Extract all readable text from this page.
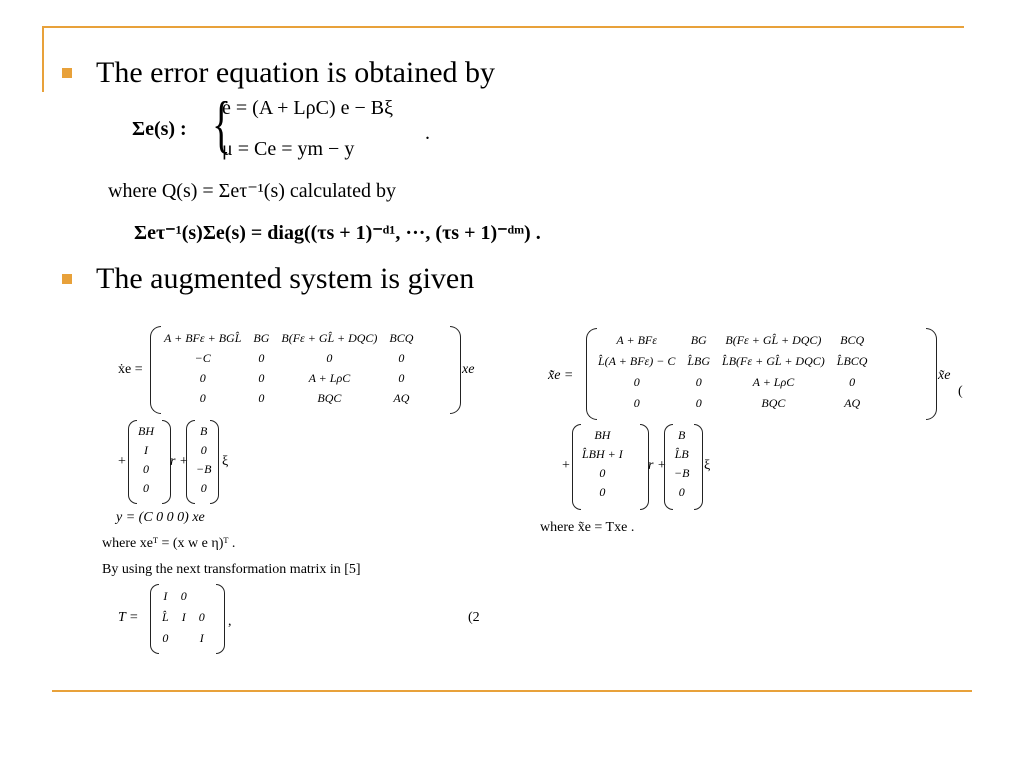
The error equation is obtained by
Σe(s) : {
ė = (A + LρC) e − Bξ
μ = Ce = ym − y
.
where Q(s) = Σeτ⁻¹(s) calculated by
Σeτ⁻¹(s)Σe(s) = diag((τs + 1)⁻ᵈ¹, ···, (τs + 1)⁻ᵈᵐ) .
The augmented system is given
ẋe =
A + BFε + BGL̂	BG	B(Fε + GL̂ + DQC)	BCQ
−C	0	0	0
0	0	A + LρC	0
0	0	BQC	AQ
xe
+
BH
I
0
0
r +
B
0
−B
0
ξ
y = (C 0 0 0) xe
where xeᵀ = (x w e η)ᵀ .
By using the next transformation matrix in [5]
T =
I	0	
L̂	I	0
0		I
,	(2
x̃̇e =
A + BFε	BG	B(Fε + GL̂ + DQC)	BCQ
L̂(A + BFε) − C	L̂BG	L̂B(Fε + GL̂ + DQC)	L̂BCQ
0	0	A + LρC	0
0	0	BQC	AQ
x̃e
(
+
BH
L̂BH + I
0
0
r +
B
L̂B
−B
0
ξ
where x̃e = Txe .
